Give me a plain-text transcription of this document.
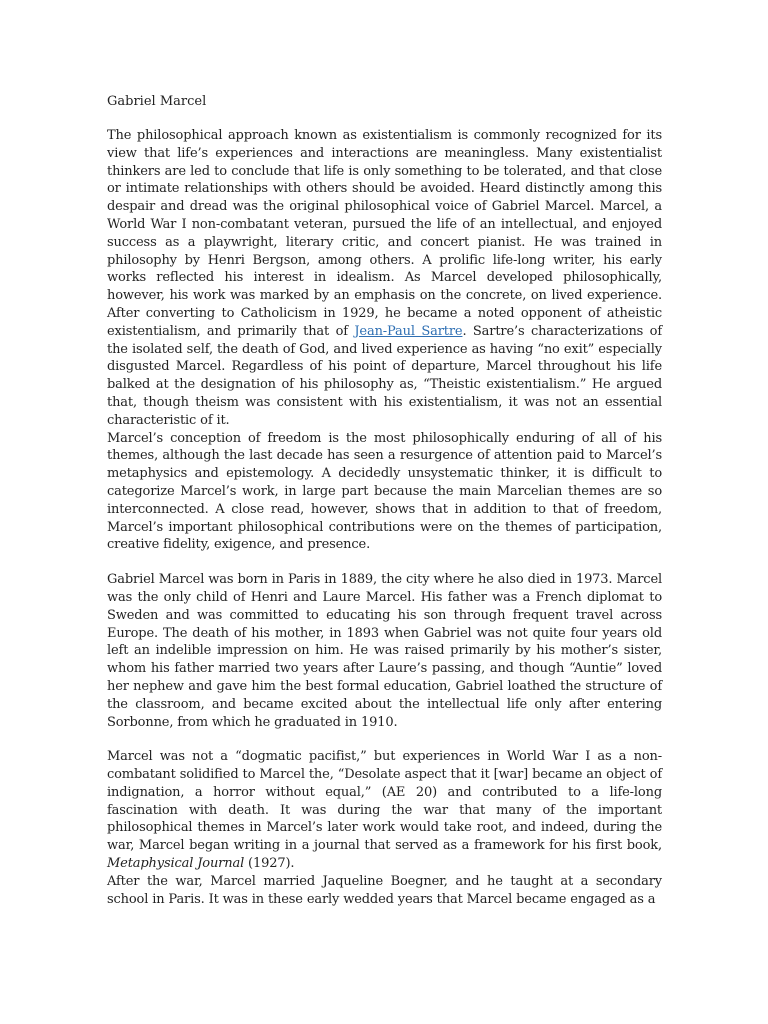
Gabriel Marcel

The philosophical approach known as existentialism is commonly recognized for its view that life’s experiences and interactions are meaningless. Many existentialist thinkers are led to conclude that life is only something to be tolerated, and that close or intimate relationships with others should be avoided. Heard distinctly among this despair and dread was the original philosophical voice of Gabriel Marcel. Marcel, a World War I non-combatant veteran, pursued the life of an intellectual, and enjoyed success as a playwright, literary critic, and concert pianist. He was trained in philosophy by Henri Bergson, among others. A prolific life-long writer, his early works reflected his interest in idealism. As Marcel developed philosophically, however, his work was marked by an emphasis on the concrete, on lived experience. After converting to Catholicism in 1929, he became a noted opponent of atheistic existentialism, and primarily that of Jean-Paul Sartre. Sartre’s characterizations of the isolated self, the death of God, and lived experience as having “no exit” especially disgusted Marcel. Regardless of his point of departure, Marcel throughout his life balked at the designation of his philosophy as, “Theistic existentialism.” He argued that, though theism was consistent with his existentialism, it was not an essential characteristic of it.

Marcel’s conception of freedom is the most philosophically enduring of all of his themes, although the last decade has seen a resurgence of attention paid to Marcel’s metaphysics and epistemology. A decidedly unsystematic thinker, it is difficult to categorize Marcel’s work, in large part because the main Marcelian themes are so interconnected. A close read, however, shows that in addition to that of freedom, Marcel’s important philosophical contributions were on the themes of participation, creative fidelity, exigence, and presence.

Gabriel Marcel was born in Paris in 1889, the city where he also died in 1973. Marcel was the only child of Henri and Laure Marcel. His father was a French diplomat to Sweden and was committed to educating his son through frequent travel across Europe. The death of his mother, in 1893 when Gabriel was not quite four years old left an indelible impression on him. He was raised primarily by his mother’s sister, whom his father married two years after Laure’s passing, and though “Auntie” loved her nephew and gave him the best formal education, Gabriel loathed the structure of the classroom, and became excited about the intellectual life only after entering Sorbonne, from which he graduated in 1910.

Marcel was not a “dogmatic pacifist,” but experiences in World War I as a non-combatant solidified to Marcel the, “Desolate aspect that it [war] became an object of indignation, a horror without equal,” (AE 20) and contributed to a life-long fascination with death. It was during the war that many of the important philosophical themes in Marcel’s later work would take root, and indeed, during the war, Marcel began writing in a journal that served as a framework for his first book, Metaphysical Journal (1927).

After the war, Marcel married Jaqueline Boegner, and he taught at a secondary school in Paris. It was in these early wedded years that Marcel became engaged as a
